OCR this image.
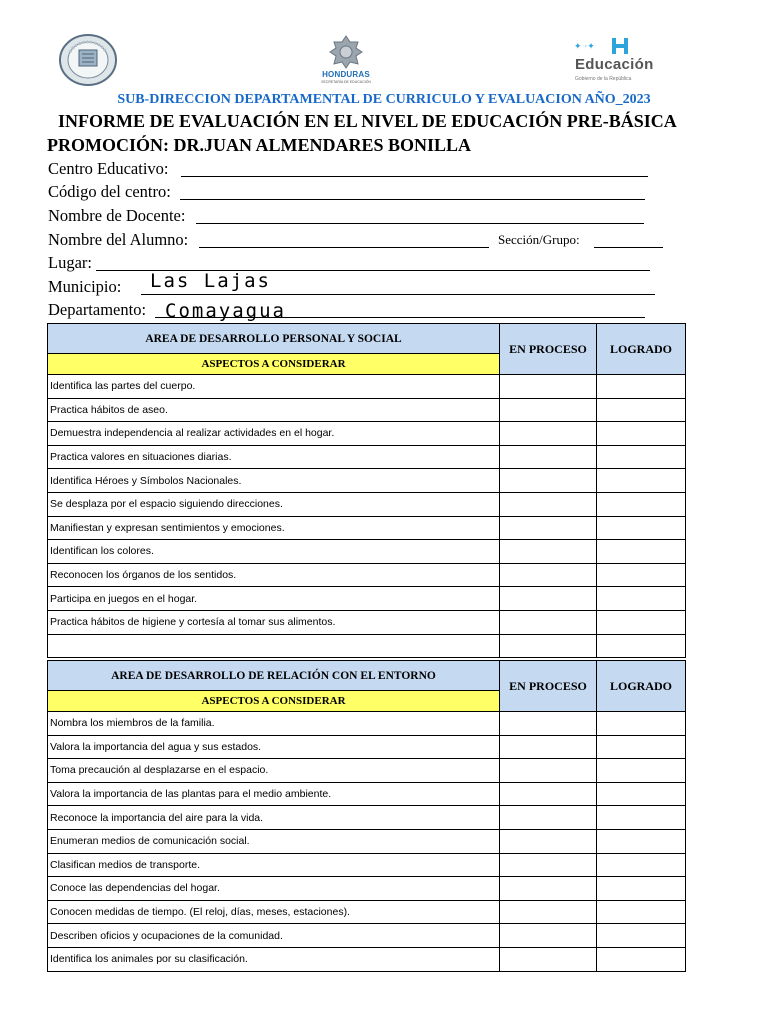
HONDURAS
SECRETARÍA DE EDUCACIÓN
✦ ·✦
Educación
Gobierno de la República
SUB-DIRECCION DEPARTAMENTAL DE CURRICULO Y EVALUACION AÑO_2023
INFORME DE EVALUACIÓN EN EL NIVEL DE EDUCACIÓN PRE-BÁSICA
PROMOCIÓN: DR.JUAN ALMENDARES BONILLA
Centro Educativo:
Código del centro:
Nombre de Docente:
Nombre del Alumno:	Sección/Grupo:
Lugar:
Municipio: Las Lajas
Departamento: Comayagua
AREA DE DESARROLLO PERSONAL Y SOCIAL	EN PROCESO	LOGRADO
ASPECTOS A CONSIDERAR		
Identifica las partes del cuerpo.		
Practica hábitos de aseo.		
Demuestra independencia al realizar actividades en el hogar.		
Practica valores en situaciones diarias.		
Identifica Héroes y Símbolos Nacionales.		
Se desplaza por el espacio siguiendo direcciones.		
Manifiestan y expresan sentimientos y emociones.		
Identifican los colores.		
Reconocen los órganos de los sentidos.		
Participa en juegos en el hogar.		
Practica hábitos de higiene y cortesía al tomar sus alimentos.		

AREA DE DESARROLLO DE RELACIÓN CON EL ENTORNO	EN PROCESO	LOGRADO
ASPECTOS A CONSIDERAR		
Nombra los miembros de la familia.		
Valora la importancia del agua y sus estados.		
Toma precaución al desplazarse en el espacio.		
Valora la importancia de las plantas para el medio ambiente.		
Reconoce la importancia del aire para la vida.		
Enumeran medios de comunicación social.		
Clasifican medios de transporte.		
Conoce las dependencias del hogar.		
Conocen medidas de tiempo. (El reloj, días, meses, estaciones).		
Describen oficios y ocupaciones de la comunidad.		
Identifica los animales por su clasificación.		
